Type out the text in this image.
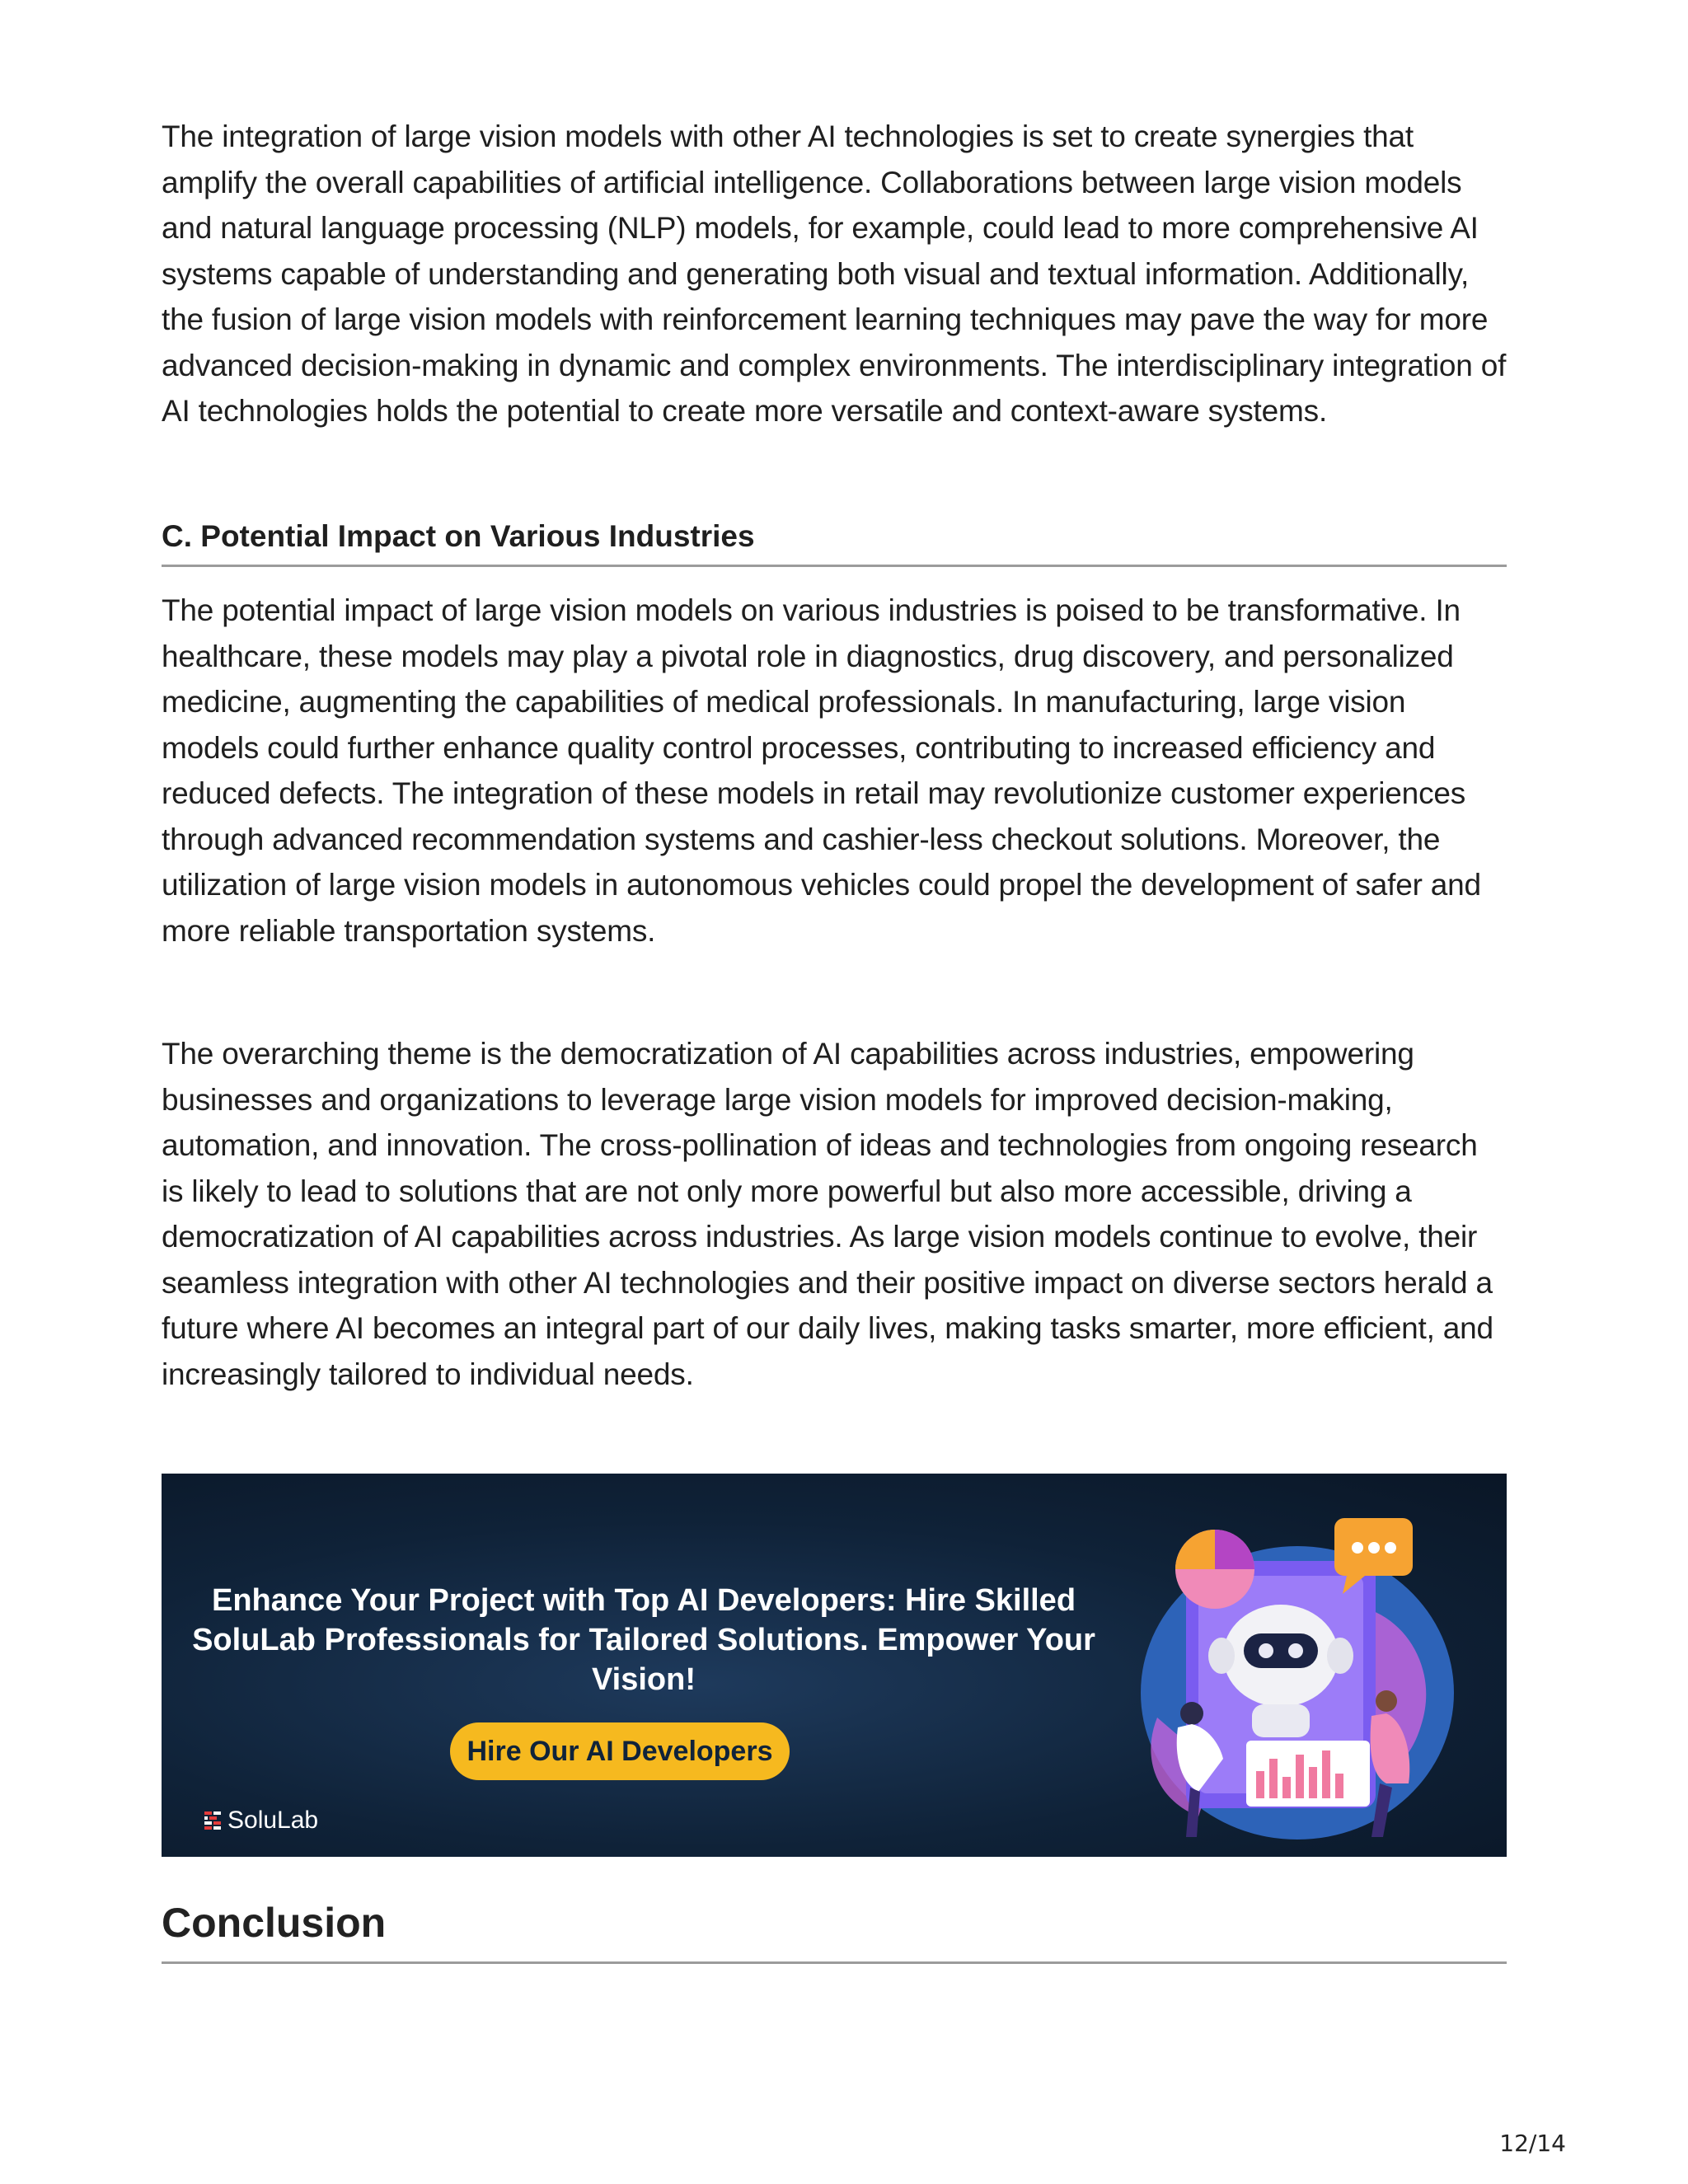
The integration of large vision models with other AI technologies is set to create synergies that amplify the overall capabilities of artificial intelligence. Collaborations between large vision models and natural language processing (NLP) models, for example, could lead to more comprehensive AI systems capable of understanding and generating both visual and textual information. Additionally, the fusion of large vision models with reinforcement learning techniques may pave the way for more advanced decision-making in dynamic and complex environments. The interdisciplinary integration of AI technologies holds the potential to create more versatile and context-aware systems.

C. Potential Impact on Various Industries

The potential impact of large vision models on various industries is poised to be transformative. In healthcare, these models may play a pivotal role in diagnostics, drug discovery, and personalized medicine, augmenting the capabilities of medical professionals. In manufacturing, large vision models could further enhance quality control processes, contributing to increased efficiency and reduced defects. The integration of these models in retail may revolutionize customer experiences through advanced recommendation systems and cashier-less checkout solutions. Moreover, the utilization of large vision models in autonomous vehicles could propel the development of safer and more reliable transportation systems.

The overarching theme is the democratization of AI capabilities across industries, empowering businesses and organizations to leverage large vision models for improved decision-making, automation, and innovation. The cross-pollination of ideas and technologies from ongoing research is likely to lead to solutions that are not only more powerful but also more accessible, driving a democratization of AI capabilities across industries. As large vision models continue to evolve, their seamless integration with other AI technologies and their positive impact on diverse sectors herald a future where AI becomes an integral part of our daily lives, making tasks smarter, more efficient, and increasingly tailored to individual needs.

Enhance Your Project with Top AI Developers: Hire Skilled SoluLab Professionals for Tailored Solutions. Empower Your Vision!

Hire Our AI Developers
SoluLab
Conclusion
12/14
